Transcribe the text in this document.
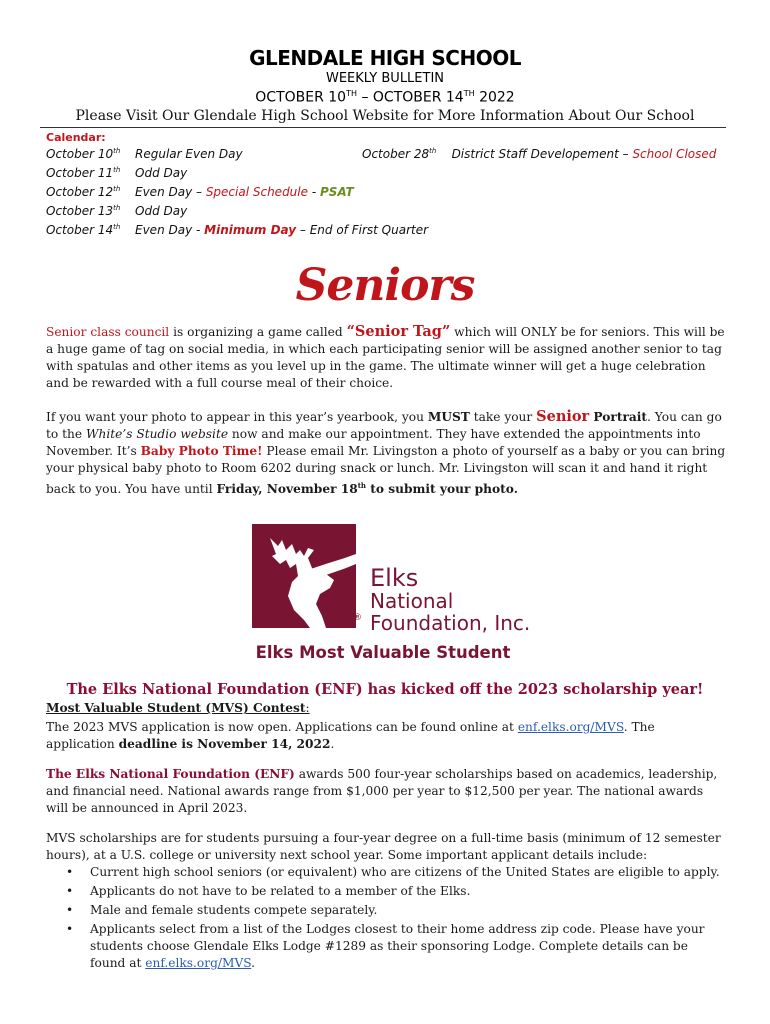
GLENDALE HIGH SCHOOL
WEEKLY BULLETIN
OCTOBER 10TH – OCTOBER 14TH 2022
Please Visit Our Glendale High School Website for More Information About Our School
Calendar:
October 10th	Regular Even Day
October 11th	Odd Day
October 12th	Even Day – Special Schedule - PSAT
October 13th	Odd Day
October 14th	Even Day - Minimum Day – End of First Quarter
October 28th District Staff Developement – School Closed
Seniors
Senior class council is organizing a game called “Senior Tag” which will ONLY be for seniors. This will be a huge game of tag on social media, in which each participating senior will be assigned another senior to tag with spatulas and other items as you level up in the game. The ultimate winner will get a huge celebration and be rewarded with a full course meal of their choice.
If you want your photo to appear in this year’s yearbook, you MUST take your Senior Portrait. You can go to the White’s Studio website now and make our appointment. They have extended the appointments into November. It’s Baby Photo Time! Please email Mr. Livingston a photo of yourself as a baby or you can bring your physical baby photo to Room 6202 during snack or lunch. Mr. Livingston will scan it and hand it right back to you. You have until Friday, November 18th to submit your photo.
®
Elks
National
Foundation, Inc.
Elks Most Valuable Student
The Elks National Foundation (ENF) has kicked off the 2023 scholarship year!
Most Valuable Student (MVS) Contest:
The 2023 MVS application is now open. Applications can be found online at enf.elks.org/MVS. The application deadline is November 14, 2022.
The Elks National Foundation (ENF) awards 500 four-year scholarships based on academics, leadership, and financial need. National awards range from $1,000 per year to $12,500 per year. The national awards will be announced in April 2023.
MVS scholarships are for students pursuing a four-year degree on a full-time basis (minimum of 12 semester hours), at a U.S. college or university next school year. Some important applicant details include:
• Current high school seniors (or equivalent) who are citizens of the United States are eligible to apply.
• Applicants do not have to be related to a member of the Elks.
• Male and female students compete separately.
• Applicants select from a list of the Lodges closest to their home address zip code. Please have your students choose Glendale Elks Lodge #1289 as their sponsoring Lodge. Complete details can be found at enf.elks.org/MVS.
